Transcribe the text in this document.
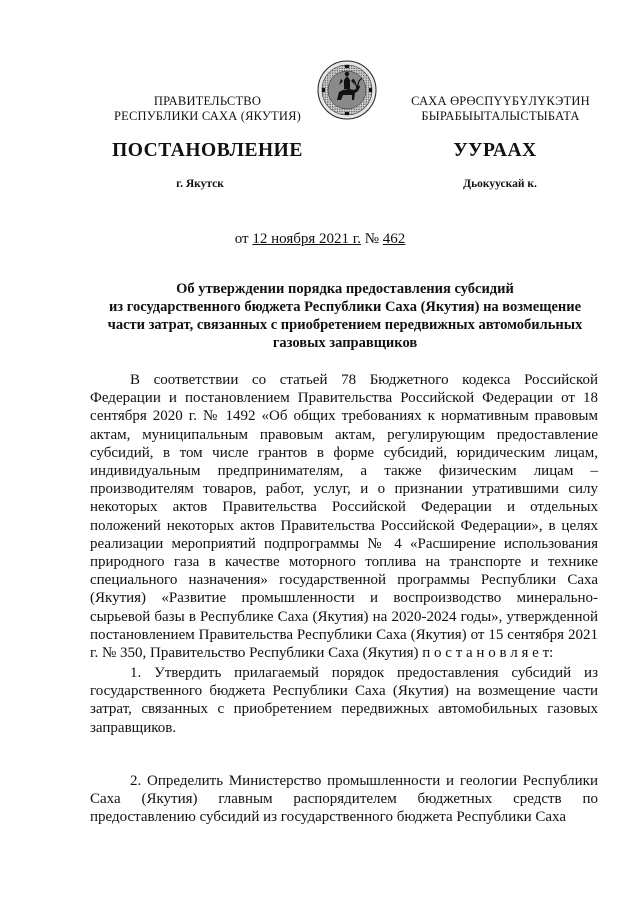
ПРАВИТЕЛЬСТВО
РЕСПУБЛИКИ САХА (ЯКУТИЯ)
САХА ӨРӨСПҮҮБҮЛҮКЭТИН
БЫРАБЫЫТАЛЫСТЫБАТА
ПОСТАНОВЛЕНИЕ	УУРААХ
г. Якутск	Дьокуускай к.
от 12 ноября 2021 г. № 462
Об утверждении порядка предоставления субсидий
из государственного бюджета Республики Саха (Якутия) на возмещение
части затрат, связанных с приобретением передвижных автомобильных
газовых заправщиков
В соответствии со статьей 78 Бюджетного кодекса Российской Федерации и постановлением Правительства Российской Федерации от 18 сентября 2020 г. № 1492 «Об общих требованиях к нормативным правовым актам, муниципальным правовым актам, регулирующим предоставление субсидий, в том числе грантов в форме субсидий, юридическим лицам, индивидуальным предпринимателям, а также физическим лицам – производителям товаров, работ, услуг, и о признании утратившими силу некоторых актов Правительства Российской Федерации и отдельных положений некоторых актов Правительства Российской Федерации», в целях реализации мероприятий подпрограммы № 4 «Расширение использования природного газа в качестве моторного топлива на транспорте и технике специального назначения» государственной программы Республики Саха (Якутия) «Развитие промышленности и воспроизводство минерально-сырьевой базы в Республике Саха (Якутия) на 2020-2024 годы», утвержденной постановлением Правительства Республики Саха (Якутия) от 15 сентября 2021 г. № 350, Правительство Республики Саха (Якутия) п о с т а н о в л я е т:
1. Утвердить прилагаемый порядок предоставления субсидий из государственного бюджета Республики Саха (Якутия) на возмещение части затрат, связанных с приобретением передвижных автомобильных газовых заправщиков.
2. Определить Министерство промышленности и геологии Республики Саха (Якутия) главным распорядителем бюджетных средств по предоставлению субсидий из государственного бюджета Республики Саха
